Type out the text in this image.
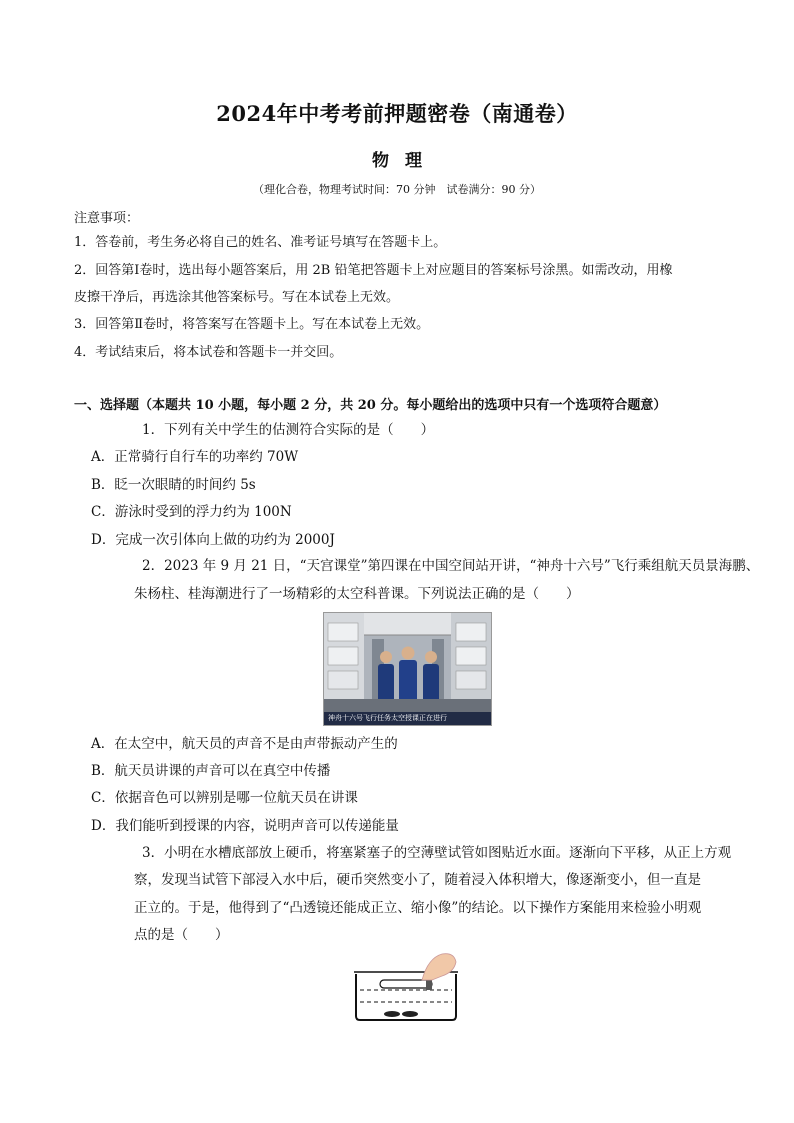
2024年中考考前押题密卷（南通卷）
物理
（理化合卷，物理考试时间：70 分钟　试卷满分：90 分）
注意事项：
1．答卷前，考生务必将自己的姓名、准考证号填写在答题卡上。
2．回答第Ⅰ卷时，选出每小题答案后，用 2B 铅笔把答题卡上对应题目的答案标号涂黑。如需改动，用橡
皮擦干净后，再选涂其他答案标号。写在本试卷上无效。
3．回答第Ⅱ卷时，将答案写在答题卡上。写在本试卷上无效。
4．考试结束后，将本试卷和答题卡一并交回。
一、选择题（本题共 10 小题，每小题 2 分，共 20 分。每小题给出的选项中只有一个选项符合题意）
1．下列有关中学生的估测符合实际的是（　　）
A．正常骑行自行车的功率约 70W
B．眨一次眼睛的时间约 5s
C．游泳时受到的浮力约为 100N
D．完成一次引体向上做的功约为 2000J
2．2023 年 9 月 21 日，“天宫课堂”第四课在中国空间站开讲，“神舟十六号”飞行乘组航天员景海鹏、
朱杨柱、桂海潮进行了一场精彩的太空科普课。下列说法正确的是（　　）
神舟十六号飞行任务太空授课正在进行
A．在太空中，航天员的声音不是由声带振动产生的
B．航天员讲课的声音可以在真空中传播
C．依据音色可以辨别是哪一位航天员在讲课
D．我们能听到授课的内容，说明声音可以传递能量
3．小明在水槽底部放上硬币，将塞紧塞子的空薄壁试管如图贴近水面。逐渐向下平移，从正上方观
察，发现当试管下部浸入水中后，硬币突然变小了，随着浸入体积增大，像逐渐变小，但一直是
正立的。于是，他得到了“凸透镜还能成正立、缩小像”的结论。以下操作方案能用来检验小明观
点的是（　　）
